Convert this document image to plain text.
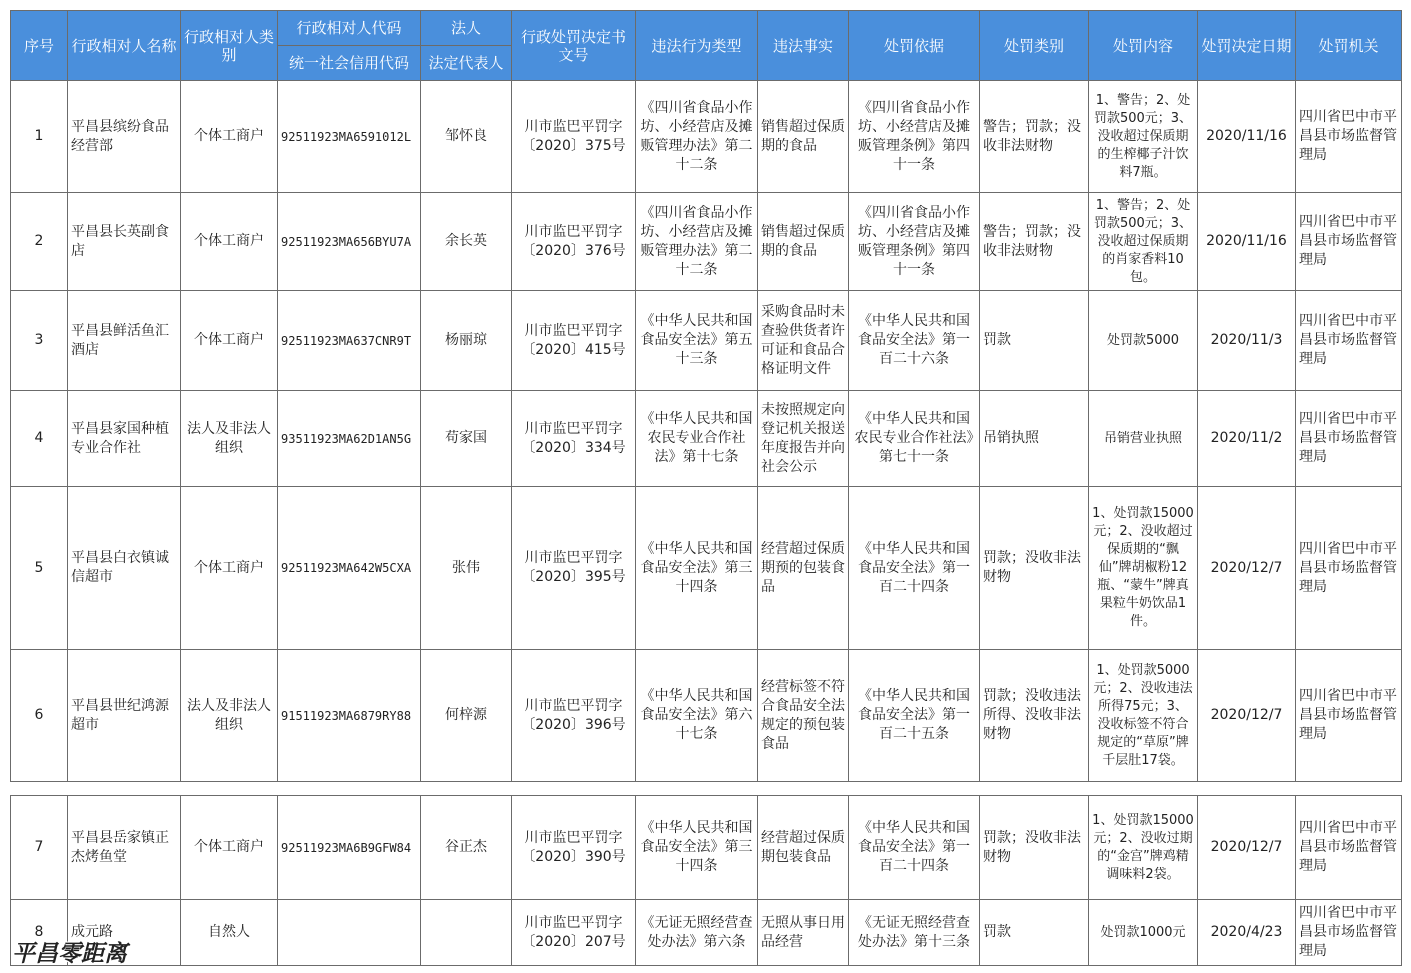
序号	行政相对人名称	行政相对人类别	行政相对人代码	法人	行政处罚决定书文号	违法行为类型	违法事实	处罚依据	处罚类别	处罚内容	处罚决定日期	处罚机关
			统一社会信用代码	法定代表人								
1	平昌县缤纷食品经营部	个体工商户	92511923MA6591012L	邹怀良	川市监巴平罚字〔2020〕375号	《四川省食品小作坊、小经营店及摊贩管理办法》第二十二条	销售超过保质期的食品	《四川省食品小作坊、小经营店及摊贩管理条例》第四十一条	警告；罚款；没收非法财物	1、警告；2、处罚款500元；3、没收超过保质期的生榨椰子汁饮料7瓶。	2020/11/16	四川省巴中市平昌县市场监督管理局
2	平昌县长英副食店	个体工商户	92511923MA656BYU7A	余长英	川市监巴平罚字〔2020〕376号	《四川省食品小作坊、小经营店及摊贩管理办法》第二十二条	销售超过保质期的食品	《四川省食品小作坊、小经营店及摊贩管理条例》第四十一条	警告；罚款；没收非法财物	1、警告；2、处罚款500元；3、没收超过保质期的肖家香料10包。	2020/11/16	四川省巴中市平昌县市场监督管理局
3	平昌县鲜活鱼汇酒店	个体工商户	92511923MA637CNR9T	杨丽琼	川市监巴平罚字〔2020〕415号	《中华人民共和国食品安全法》第五十三条	采购食品时未查验供货者许可证和食品合格证明文件	《中华人民共和国食品安全法》第一百二十六条	罚款	处罚款5000	2020/11/3	四川省巴中市平昌县市场监督管理局
4	平昌县家国种植专业合作社	法人及非法人组织	93511923MA62D1AN5G	苟家国	川市监巴平罚字〔2020〕334号	《中华人民共和国农民专业合作社法》第十七条	未按照规定向登记机关报送年度报告并向社会公示	《中华人民共和国农民专业合作社法》第七十一条	吊销执照	吊销营业执照	2020/11/2	四川省巴中市平昌县市场监督管理局
5	平昌县白衣镇诚信超市	个体工商户	92511923MA642W5CXA	张伟	川市监巴平罚字〔2020〕395号	《中华人民共和国食品安全法》第三十四条	经营超过保质期预的包装食品	《中华人民共和国食品安全法》第一百二十四条	罚款；没收非法财物	1、处罚款15000元；2、没收超过保质期的“飘仙”牌胡椒粉12瓶、“蒙牛”牌真果粒牛奶饮品1件。	2020/12/7	四川省巴中市平昌县市场监督管理局
6	平昌县世纪鸿源超市	法人及非法人组织	91511923MA6879RY88	何梓源	川市监巴平罚字〔2020〕396号	《中华人民共和国食品安全法》第六十七条	经营标签不符合食品安全法规定的预包装食品	《中华人民共和国食品安全法》第一百二十五条	罚款；没收违法所得、没收非法财物	1、处罚款5000元；2、没收违法所得75元；3、没收标签不符合规定的“草原”牌千层肚17袋。	2020/12/7	四川省巴中市平昌县市场监督管理局
7	平昌县岳家镇正杰烤鱼堂	个体工商户	92511923MA6B9GFW84	谷正杰	川市监巴平罚字〔2020〕390号	《中华人民共和国食品安全法》第三十四条	经营超过保质期包装食品	《中华人民共和国食品安全法》第一百二十四条	罚款；没收非法财物	1、处罚款15000元；2、没收过期的“金宫”牌鸡精调味料2袋。	2020/12/7	四川省巴中市平昌县市场监督管理局
8	成元路	自然人			川市监巴平罚字〔2020〕207号	《无证无照经营查处办法》第六条	无照从事日用品经营	《无证无照经营查处办法》第十三条	罚款	处罚款1000元	2020/4/23	四川省巴中市平昌县市场监督管理局
平昌零距离
